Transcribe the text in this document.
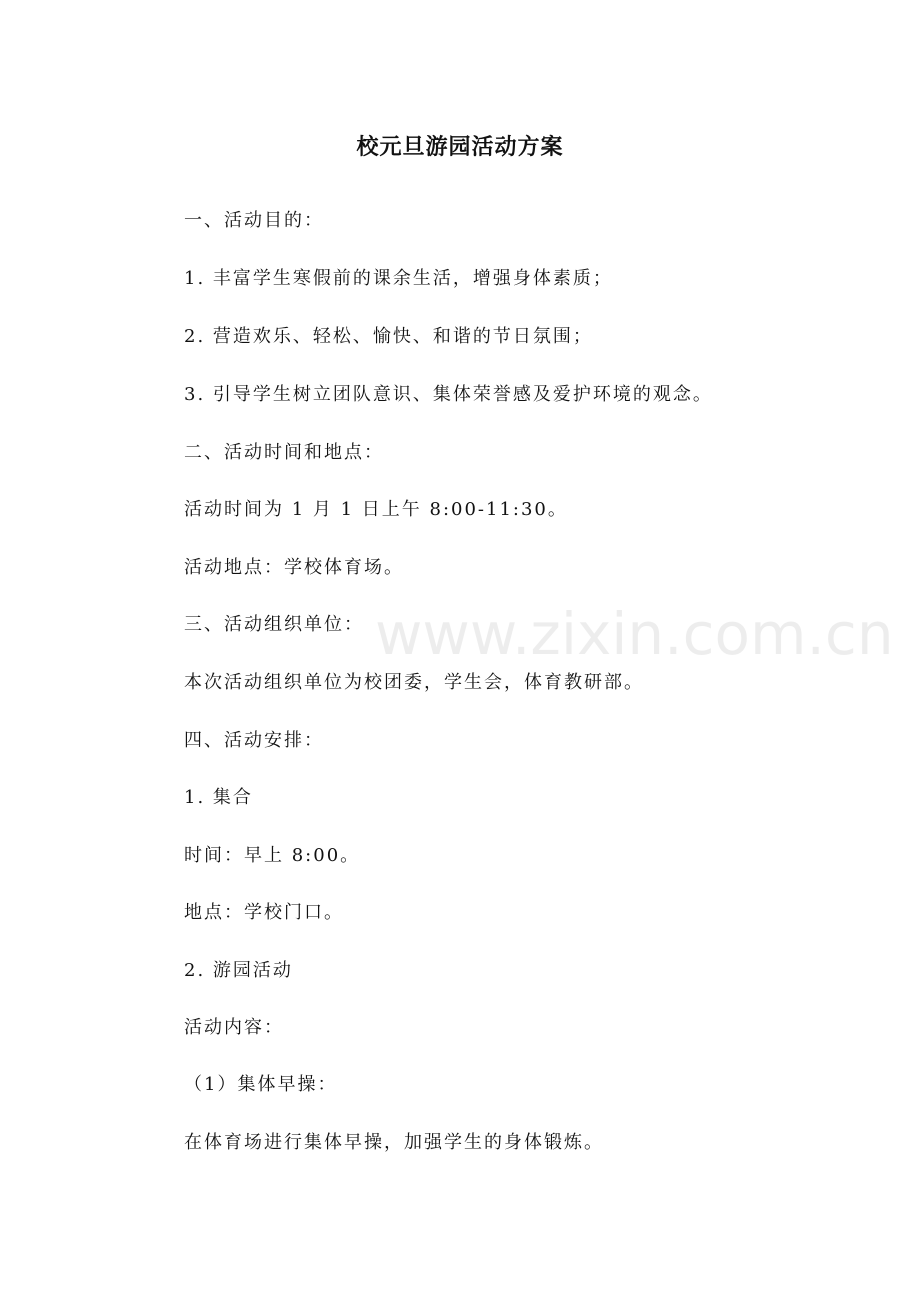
校元旦游园活动方案
一、活动目的：
1. 丰富学生寒假前的课余生活，增强身体素质；
2. 营造欢乐、轻松、愉快、和谐的节日氛围；
3. 引导学生树立团队意识、集体荣誉感及爱护环境的观念。
二、活动时间和地点：
活动时间为 1 月 1 日上午 8:00-11:30。
活动地点：学校体育场。
三、活动组织单位：
本次活动组织单位为校团委，学生会，体育教研部。
四、活动安排：
1. 集合
时间：早上 8:00。
地点：学校门口。
2. 游园活动
活动内容：
（1）集体早操：
在体育场进行集体早操，加强学生的身体锻炼。
www.zixin.com.cn
